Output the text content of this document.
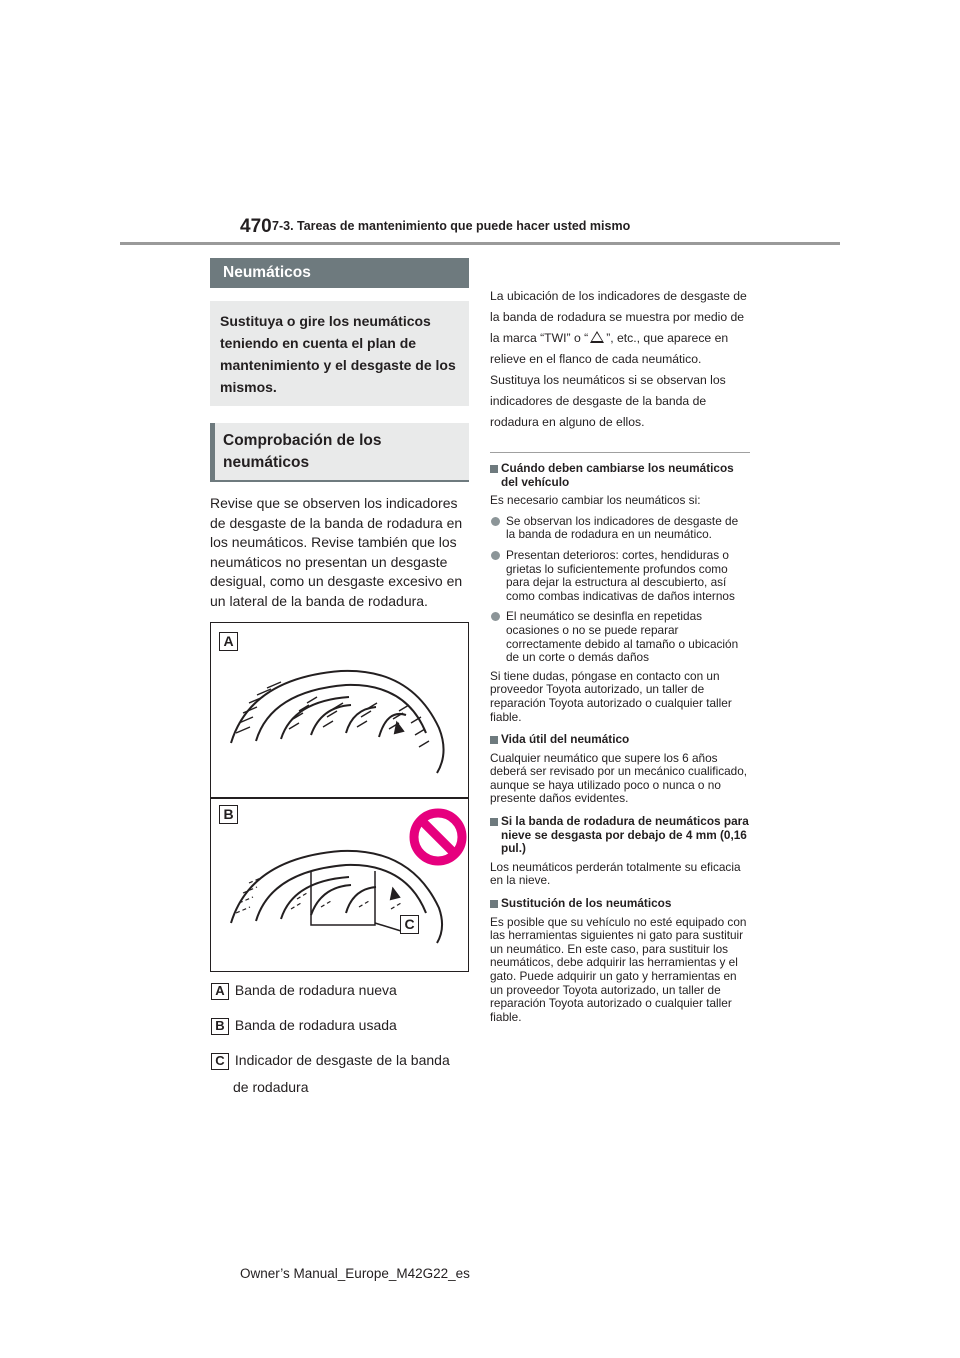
470 7-3. Tareas de mantenimiento que puede hacer usted mismo
Neumáticos
Sustituya o gire los neumáticos teniendo en cuenta el plan de mantenimiento y el desgaste de los mismos.
Comprobación de los neumáticos
Revise que se observen los indicadores de desgaste de la banda de rodadura en los neumáticos. Revise también que los neumáticos no presentan un desgaste desigual, como un desgaste excesivo en un lateral de la banda de rodadura.
A
B
C
A Banda de rodadura nueva
B Banda de rodadura usada
C Indicador de desgaste de la banda
de rodadura
La ubicación de los indicadores de desgaste de la banda de rodadura se muestra por medio de la marca “TWI” o “ ”, etc., que aparece en relieve en el flanco de cada neumático.
Sustituya los neumáticos si se observan los indicadores de desgaste de la banda de rodadura en alguno de ellos.
Cuándo deben cambiarse los neumáticos del vehículo
Es necesario cambiar los neumáticos si:
Se observan los indicadores de desgaste de la banda de rodadura en un neumático.
Presentan deterioros: cortes, hendiduras o grietas lo suficientemente profundos como para dejar la estructura al descubierto, así como combas indicativas de daños internos
El neumático se desinfla en repetidas ocasiones o no se puede reparar correctamente debido al tamaño o ubicación de un corte o demás daños
Si tiene dudas, póngase en contacto con un proveedor Toyota autorizado, un taller de reparación Toyota autorizado o cualquier taller fiable.
Vida útil del neumático
Cualquier neumático que supere los 6 años deberá ser revisado por un mecánico cualificado, aunque se haya utilizado poco o nunca o no presente daños evidentes.
Si la banda de rodadura de neumáticos para nieve se desgasta por debajo de 4 mm (0,16 pul.)
Los neumáticos perderán totalmente su eficacia en la nieve.
Sustitución de los neumáticos
Es posible que su vehículo no esté equipado con las herramientas siguientes ni gato para sustituir un neumático. En este caso, para sustituir los neumáticos, debe adquirir las herramientas y el gato. Puede adquirir un gato y herramientas en un proveedor Toyota autorizado, un taller de reparación Toyota autorizado o cualquier taller fiable.
Owner’s Manual_Europe_M42G22_es
